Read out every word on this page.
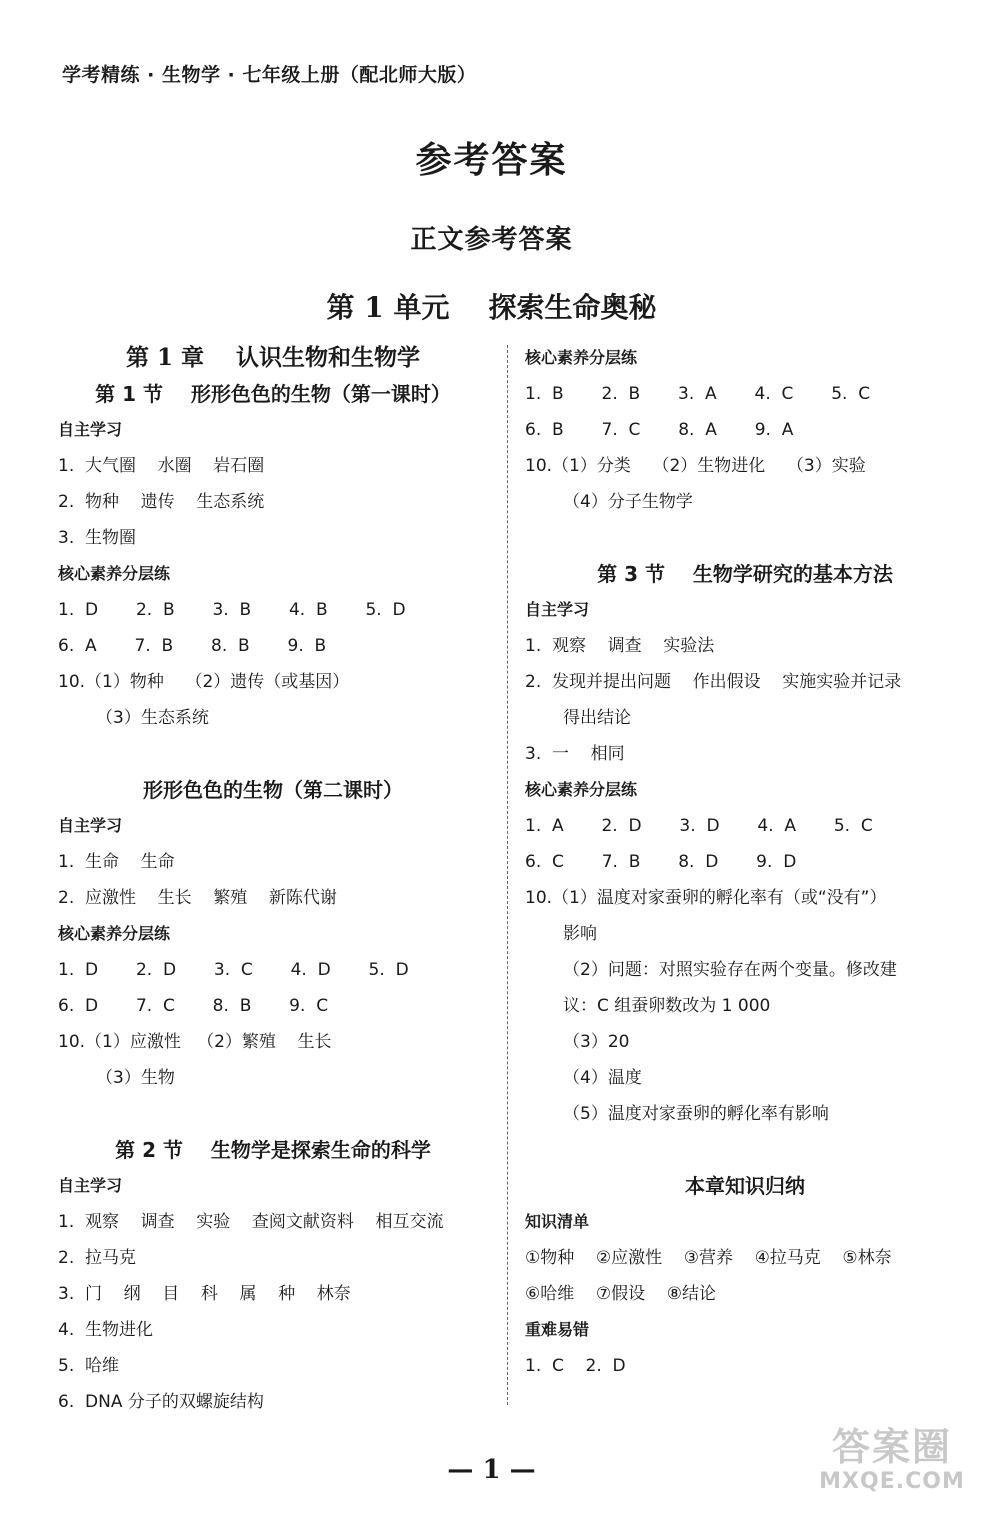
学考精练 · 生物学 · 七年级上册（配北师大版）
参考答案
正文参考答案
第 1 单元    探索生命奥秘
第 1 章    认识生物和生物学
第 1 节    形形色色的生物（第一课时）
自主学习
1.  大气圈    水圈    岩石圈
2.  物种    遗传    生态系统
3.  生物圈
核心素养分层练
1.  D       2.  B       3.  B       4.  B       5.  D
6.  A       7.  B       8.  B       9.  B
10.（1）物种    （2）遗传（或基因）
（3）生态系统
形形色色的生物（第二课时）
自主学习
1.  生命    生命
2.  应激性    生长    繁殖    新陈代谢
核心素养分层练
1.  D       2.  D       3.  C       4.  D       5.  D
6.  D       7.  C       8.  B       9.  C
10.（1）应激性   （2）繁殖    生长
（3）生物
第 2 节    生物学是探索生命的科学
自主学习
1.  观察    调查    实验    查阅文献资料    相互交流
2.  拉马克
3.  门    纲    目    科    属    种    林奈
4.  生物进化
5.  哈维
6.  DNA 分子的双螺旋结构
核心素养分层练
1.  B       2.  B       3.  A       4.  C       5.  C
6.  B       7.  C       8.  A       9.  A
10.（1）分类    （2）生物进化    （3）实验
（4）分子生物学
第 3 节    生物学研究的基本方法
自主学习
1.  观察    调查    实验法
2.  发现并提出问题    作出假设    实施实验并记录
得出结论
3.  一    相同
核心素养分层练
1.  A       2.  D       3.  D       4.  A       5.  C
6.  C       7.  B       8.  D       9.  D
10.（1）温度对家蚕卵的孵化率有（或“没有”）
影响
（2）问题：对照实验存在两个变量。修改建
议：C 组蚕卵数改为 1 000
（3）20
（4）温度
（5）温度对家蚕卵的孵化率有影响
本章知识归纳
知识清单
①物种    ②应激性    ③营养    ④拉马克    ⑤林奈
⑥哈维    ⑦假设    ⑧结论
重难易错
1.  C    2.  D
— 1 —
答案圈
MXQE.COM
